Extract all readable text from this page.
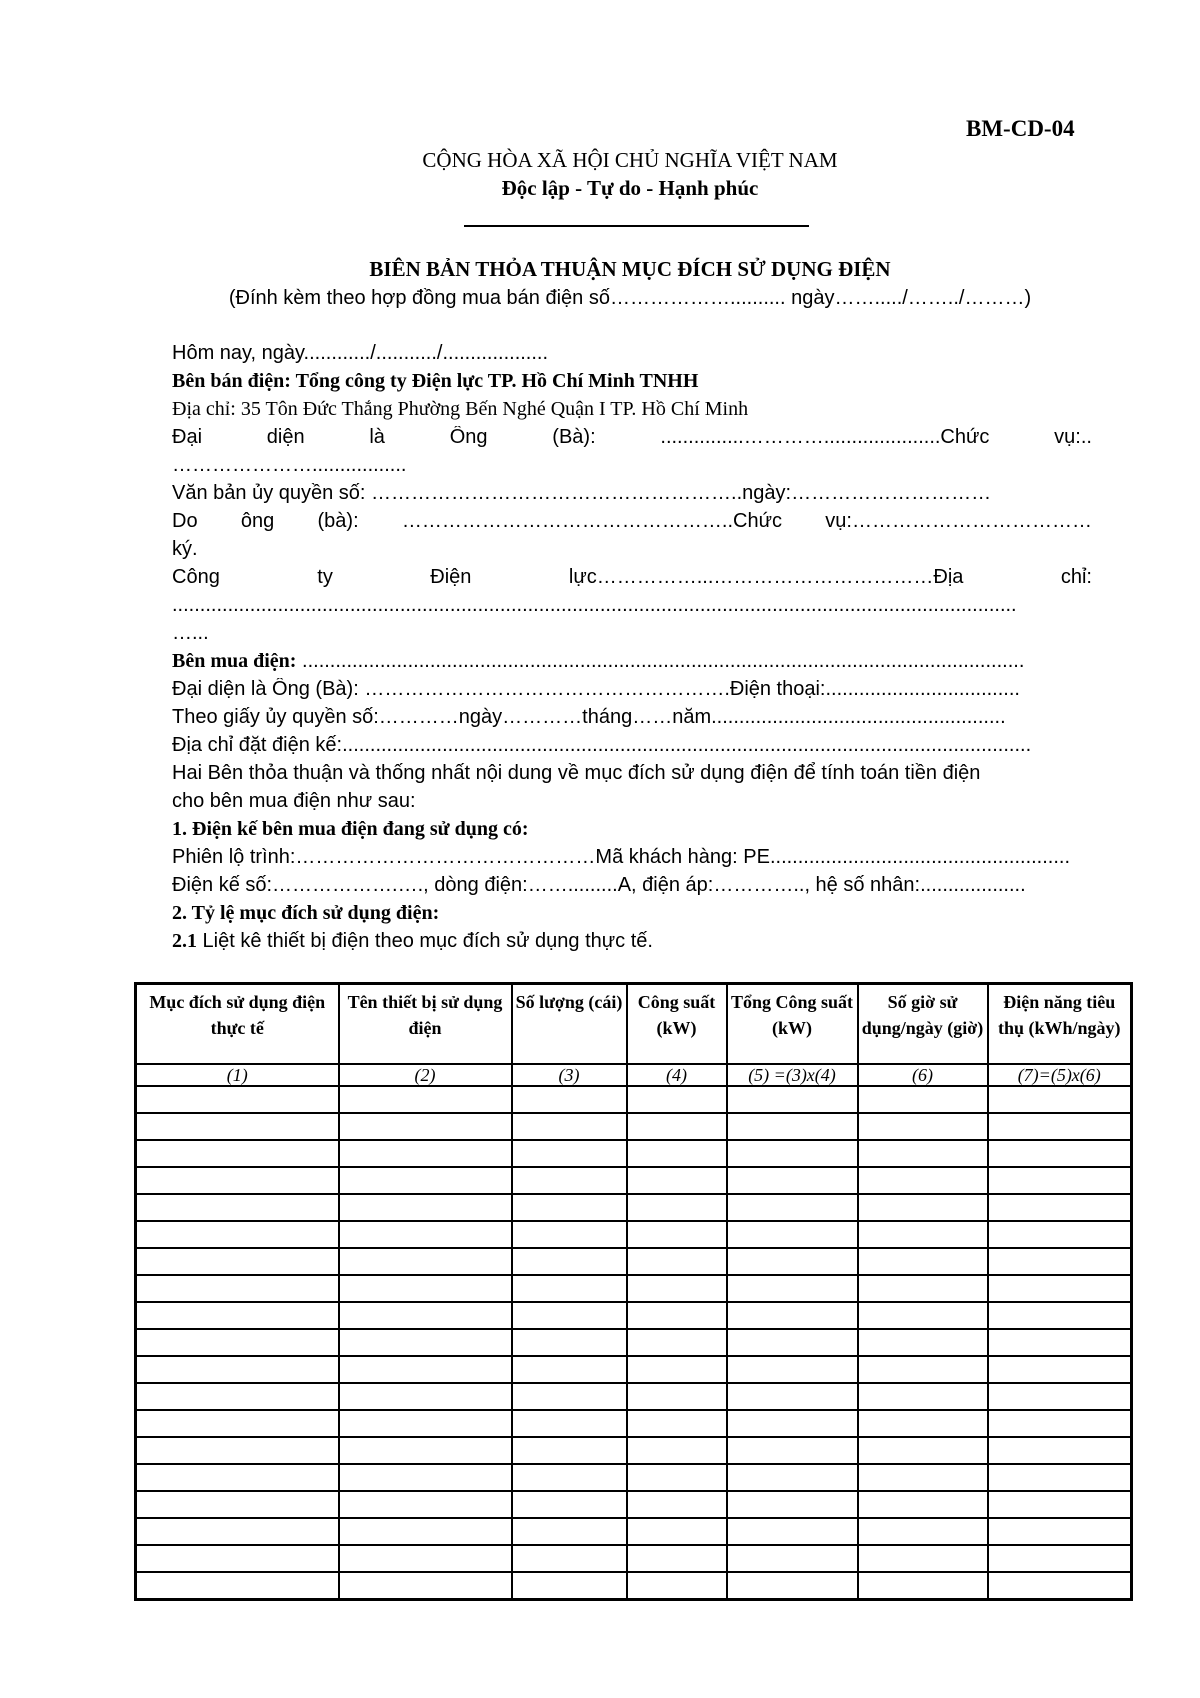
BM-CD-04
CỘNG HÒA XÃ HỘI CHỦ NGHĨA VIỆT NAM
Độc lập - Tự do - Hạnh phúc
BIÊN BẢN THỎA THUẬN MỤC ĐÍCH SỬ DỤNG ĐIỆN
(Đính kèm theo hợp đồng mua bán điện số……………….......... ngày……...../……../………)
Hôm nay, ngày............/.........../...................
Bên bán điện: Tổng công ty Điện lực TP. Hồ Chí Minh TNHH
Địa chỉ: 35 Tôn Đức Thắng Phường Bến Nghé Quận I TP. Hồ Chí Minh
Đại	diện	là	Ông	(Bà):	...............………….....................Chức	vụ:..
………………….................
Văn bản ủy quyền số: ………………………………………………..ngày:…………………………
Do ông (bà): …………………………………………..Chức vụ:………………………………
ký.
Công	ty	Điện	lực……………...……………………………Địa	chỉ:
........................................................................................................................................................
…...
Bên mua điện: ..................................................................................................................................
Đại diện là Ông (Bà): ……………………………………………….Điện thoại:...................................
Theo giấy ủy quyền số:…………ngày…………tháng……năm.....................................................
Địa chỉ đặt điện kế:............................................................................................................................
Hai Bên thỏa thuận và thống nhất nội dung về mục đích sử dụng điện để tính toán tiền điện
cho bên mua điện như sau:
1. Điện kế bên mua điện đang sử dụng có:
Phiên lộ trình:………………………………………Mã khách hàng: PE......................................................
Điện kế số:……………….…., dòng điện:…….........A, điện áp:………….., hệ số nhân:...................
2. Tỷ lệ mục đích sử dụng điện:
2.1 Liệt kê thiết bị điện theo mục đích sử dụng thực tế.
Mục đích sử dụng điện thực tế	Tên thiết bị sử dụng điện	Số lượng (cái)	Công suất (kW)	Tổng Công suất (kW)	Số giờ sử dụng/ngày (giờ)	Điện năng tiêu thụ (kWh/ngày)
(1)	(2)	(3)	(4)	(5) =(3)x(4)	(6)	(7)=(5)x(6)
